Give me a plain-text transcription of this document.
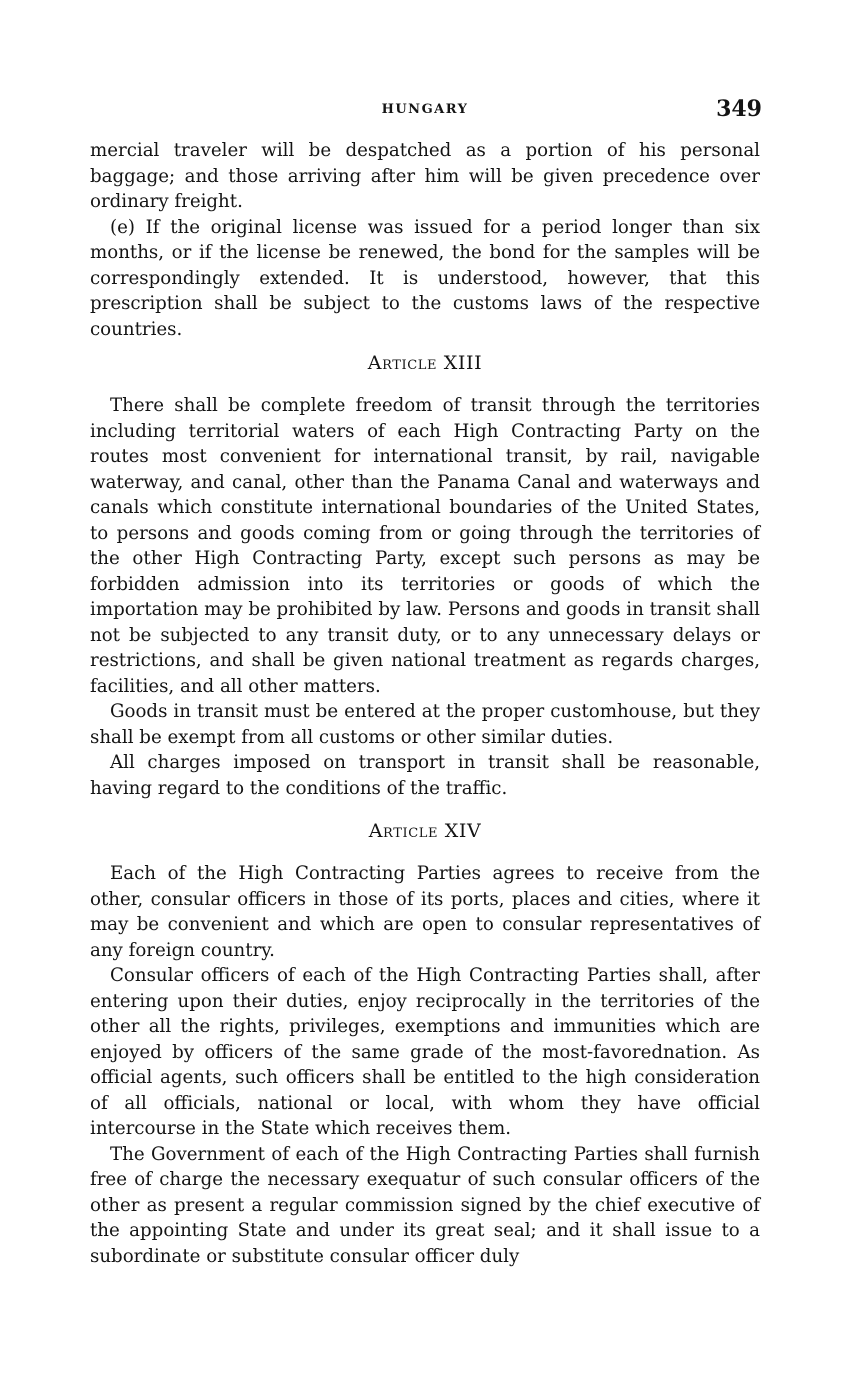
HUNGARY	349

mercial traveler will be despatched as a portion of his personal baggage; and those arriving after him will be given precedence over ordinary freight.

(e) If the original license was issued for a period longer than six months, or if the license be renewed, the bond for the samples will be correspondingly extended. It is understood, however, that this prescription shall be subject to the customs laws of the respective countries.

Article XIII

There shall be complete freedom of transit through the territories including territorial waters of each High Contracting Party on the routes most convenient for international transit, by rail, navigable waterway, and canal, other than the Panama Canal and waterways and canals which constitute international boundaries of the United States, to persons and goods coming from or going through the territories of the other High Contracting Party, except such persons as may be forbidden admission into its territories or goods of which the importation may be prohibited by law. Persons and goods in transit shall not be subjected to any transit duty, or to any unnecessary delays or restrictions, and shall be given national treatment as regards charges, facilities, and all other matters.

Goods in transit must be entered at the proper customhouse, but they shall be exempt from all customs or other similar duties.

All charges imposed on transport in transit shall be reasonable, having regard to the conditions of the traffic.

Article XIV

Each of the High Contracting Parties agrees to receive from the other, consular officers in those of its ports, places and cities, where it may be convenient and which are open to consular representatives of any foreign country.

Consular officers of each of the High Contracting Parties shall, after entering upon their duties, enjoy reciprocally in the territories of the other all the rights, privileges, exemptions and immunities which are enjoyed by officers of the same grade of the most-favorednation. As official agents, such officers shall be entitled to the high consideration of all officials, national or local, with whom they have official intercourse in the State which receives them.

The Government of each of the High Contracting Parties shall furnish free of charge the necessary exequatur of such consular officers of the other as present a regular commission signed by the chief executive of the appointing State and under its great seal; and it shall issue to a subordinate or substitute consular officer duly
